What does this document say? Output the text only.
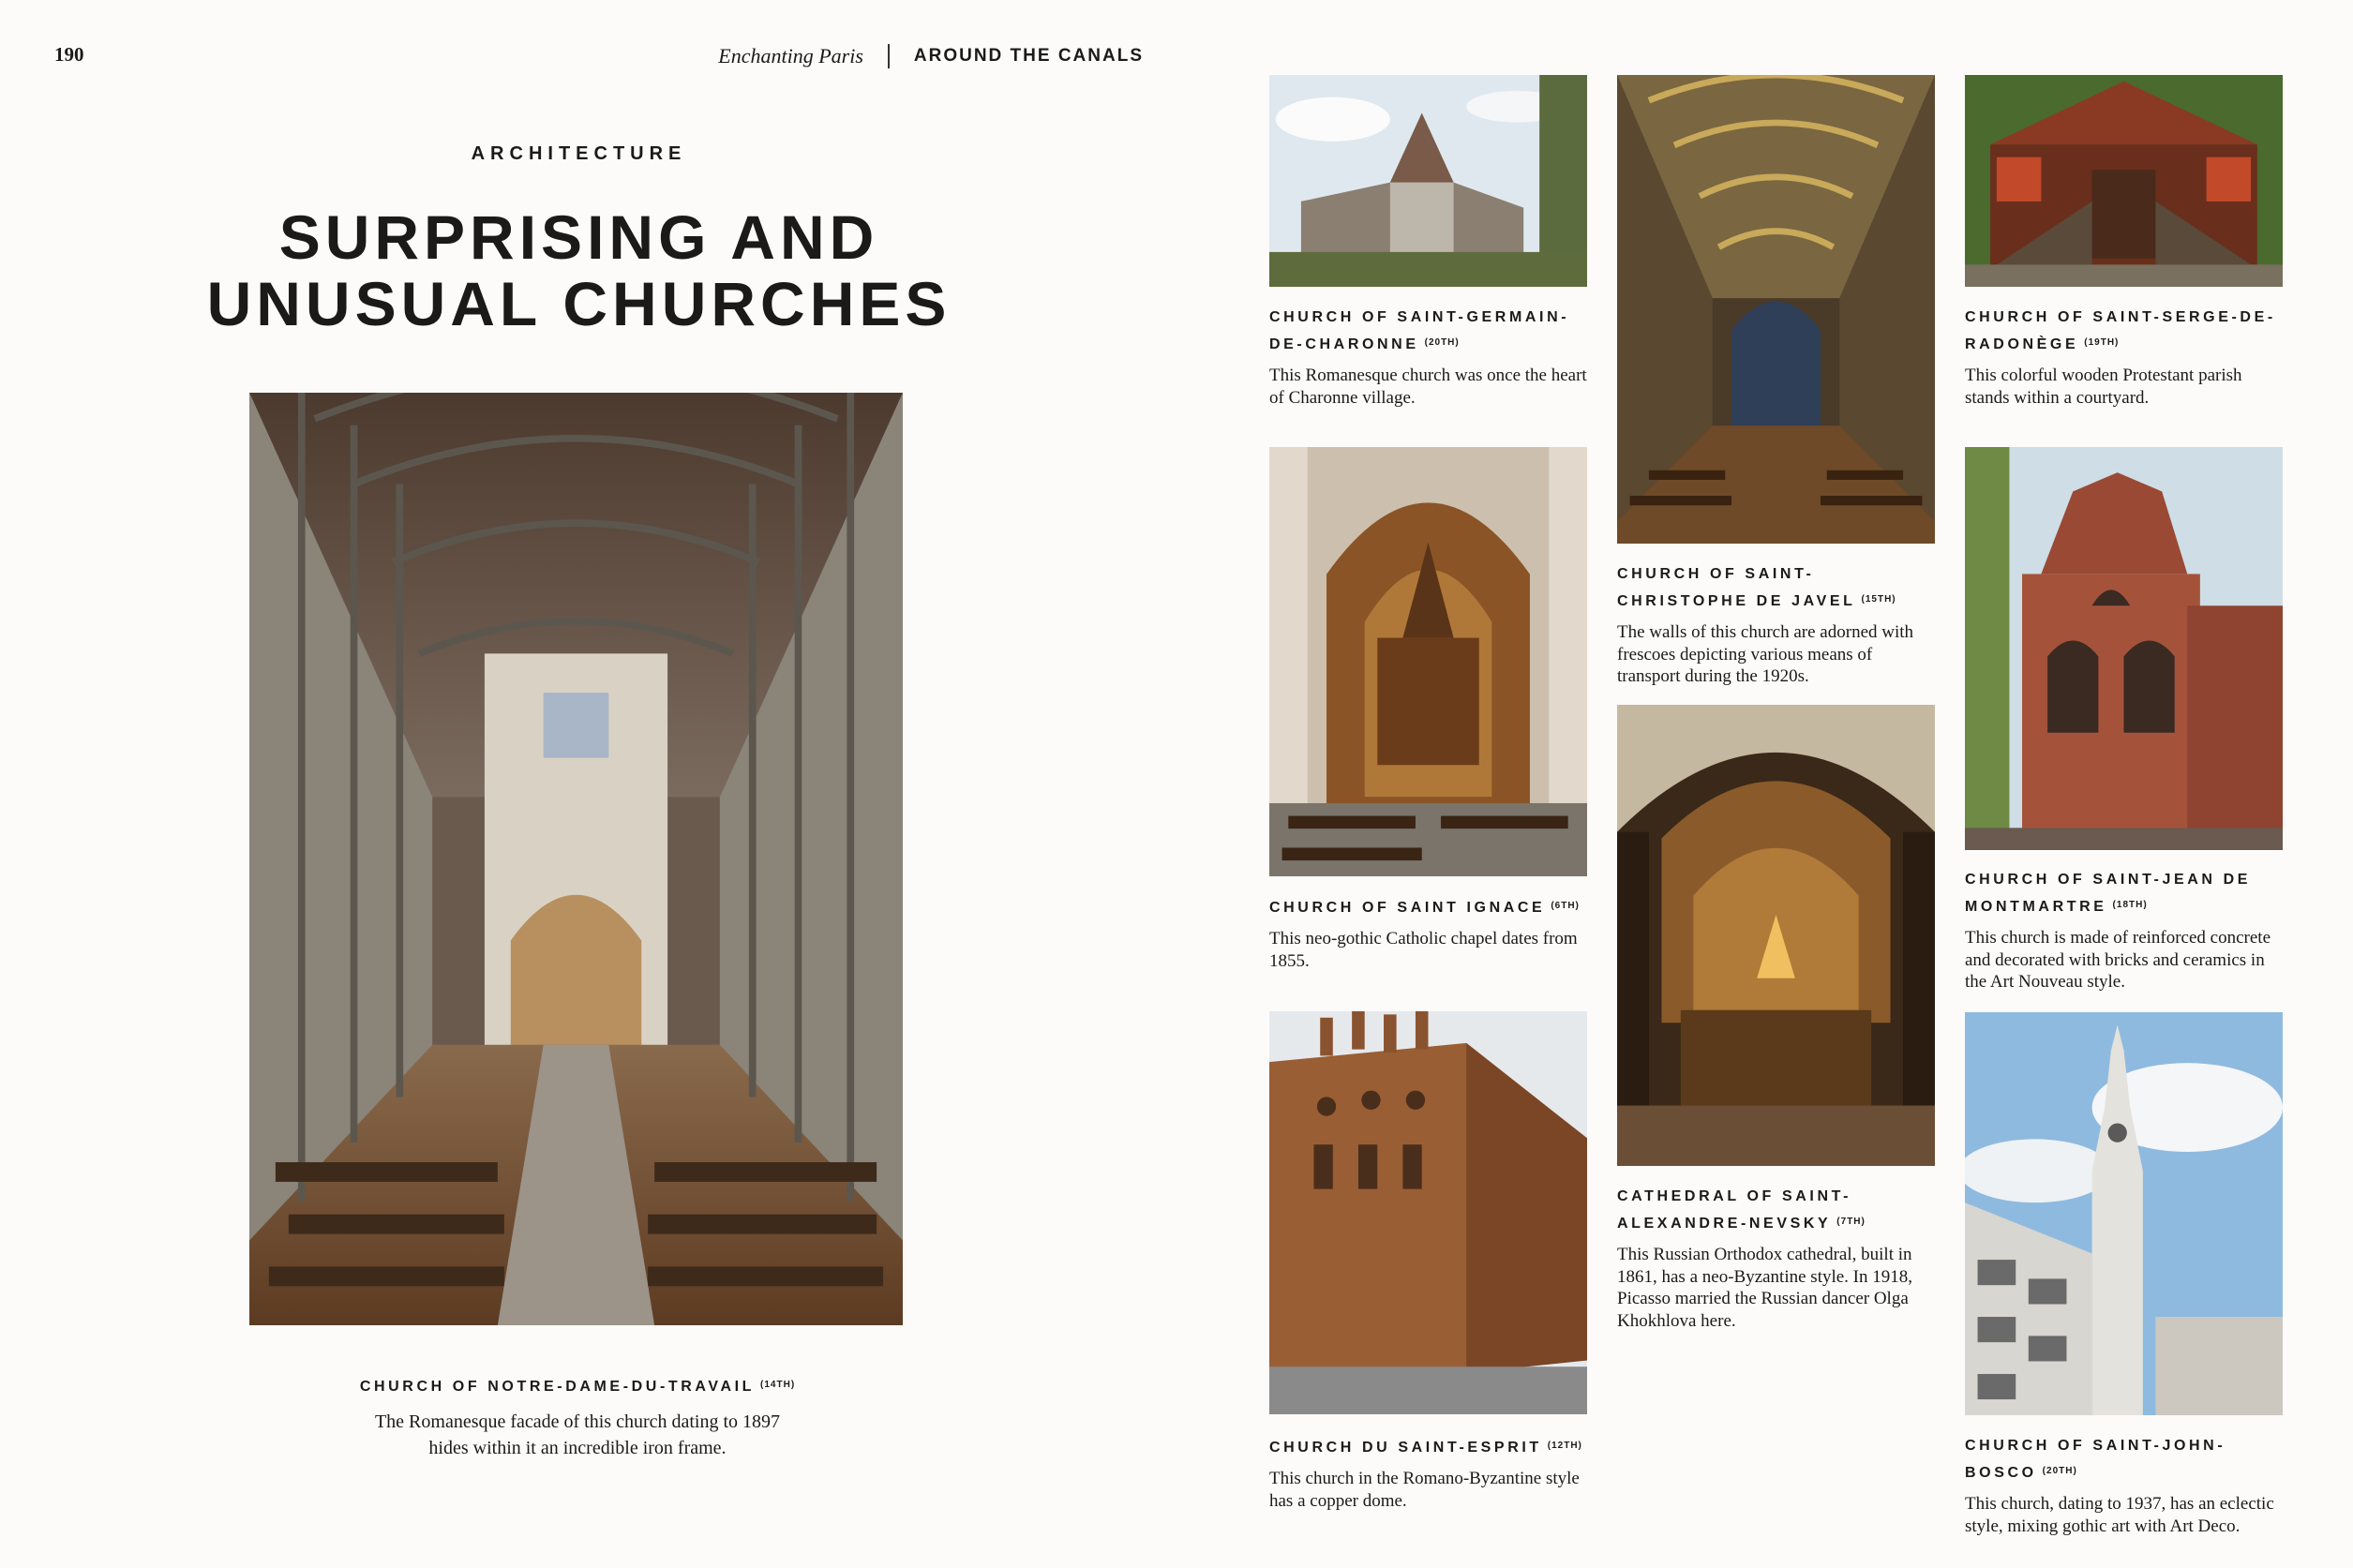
190	Enchanting Paris	AROUND THE CANALS
ARCHITECTURE
SURPRISING AND
UNUSUAL CHURCHES
CHURCH OF NOTRE-DAME-DU-TRAVAIL $^{(14TH)}$
The Romanesque facade of this church dating to 1897
hides within it an incredible iron frame.
CHURCH OF SAINT-GERMAIN-DE-CHARONNE $^{(20TH)}$
This Romanesque church was once the heart of Charonne village.
CHURCH OF SAINT IGNACE $^{(6TH)}$
This neo-gothic Catholic chapel dates from 1855.
CHURCH DU SAINT-ESPRIT $^{(12TH)}$
This church in the Romano-Byzantine style has a copper dome.
CHURCH OF SAINT-CHRISTOPHE DE JAVEL $^{(15TH)}$
The walls of this church are adorned with frescoes depicting various means of transport during the 1920s.
CATHEDRAL OF SAINT-ALEXANDRE-NEVSKY $^{(7TH)}$
This Russian Orthodox cathedral, built in 1861, has a neo-Byzantine style. In 1918, Picasso married the Russian dancer Olga Khokhlova here.
CHURCH OF SAINT-SERGE-DE-RADONÈGE $^{(19TH)}$
This colorful wooden Protestant parish stands within a courtyard.
CHURCH OF SAINT-JEAN DE MONTMARTRE $^{(18TH)}$
This church is made of reinforced concrete and decorated with bricks and ceramics in the Art Nouveau style.
CHURCH OF SAINT-JOHN-BOSCO $^{(20TH)}$
This church, dating to 1937, has an eclectic style, mixing gothic art with Art Deco.
